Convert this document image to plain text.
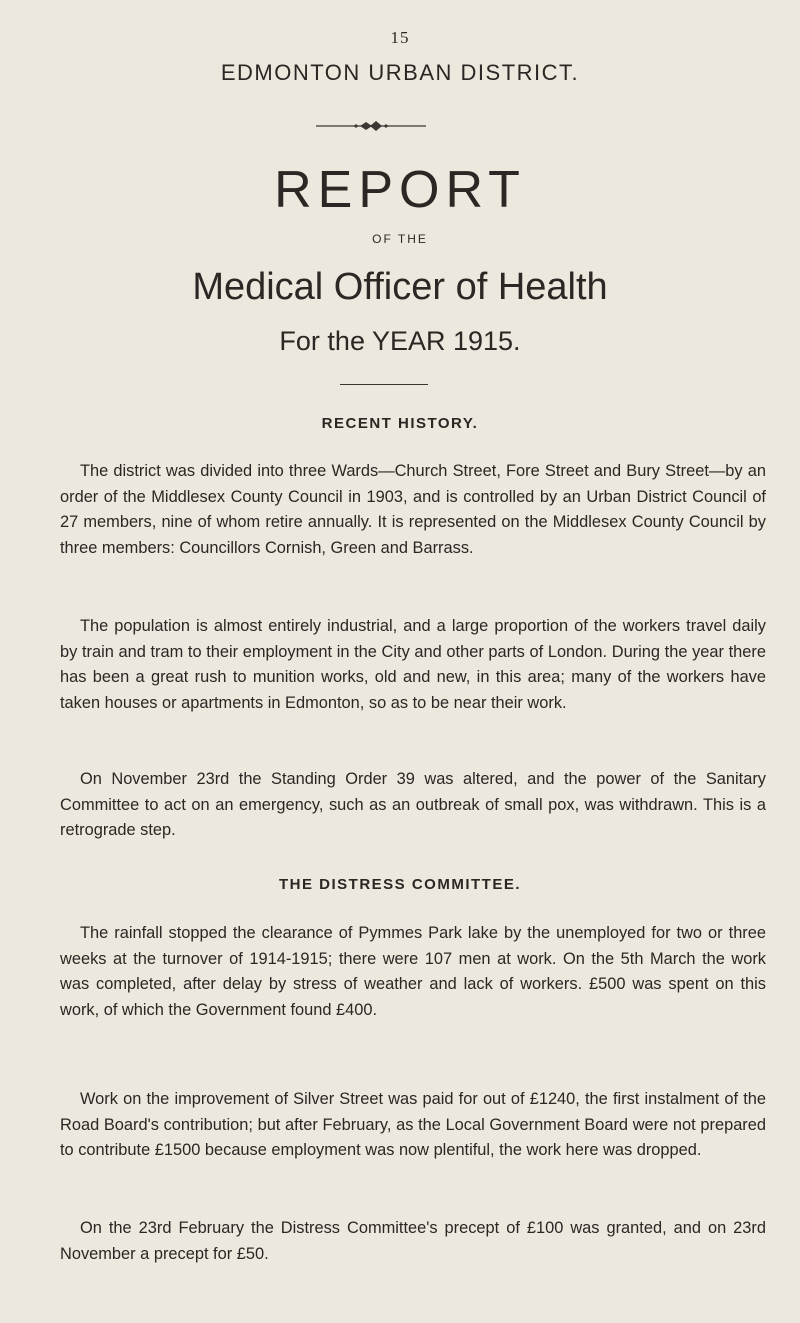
15
EDMONTON URBAN DISTRICT.
REPORT
OF THE
Medical Officer of Health
For the YEAR 1915.
RECENT HISTORY.

The district was divided into three Wards—Church Street, Fore Street and Bury Street—by an order of the Middlesex County Council in 1903, and is controlled by an Urban District Council of 27 members, nine of whom retire annually. It is represented on the Middlesex County Council by three members: Councillors Cornish, Green and Barrass.

The population is almost entirely industrial, and a large proportion of the workers travel daily by train and tram to their employment in the City and other parts of London. During the year there has been a great rush to munition works, old and new, in this area; many of the workers have taken houses or apartments in Edmonton, so as to be near their work.

On November 23rd the Standing Order 39 was altered, and the power of the Sanitary Committee to act on an emergency, such as an outbreak of small pox, was withdrawn. This is a retrograde step.

THE DISTRESS COMMITTEE.

The rainfall stopped the clearance of Pymmes Park lake by the unemployed for two or three weeks at the turnover of 1914-1915; there were 107 men at work. On the 5th March the work was completed, after delay by stress of weather and lack of workers. £500 was spent on this work, of which the Government found £400.

Work on the improvement of Silver Street was paid for out of £1240, the first instalment of the Road Board's contribution; but after February, as the Local Government Board were not prepared to contribute £1500 because employment was now plentiful, the work here was dropped.

On the 23rd February the Distress Committee's precept of £100 was granted, and on 23rd November a precept for £50.
